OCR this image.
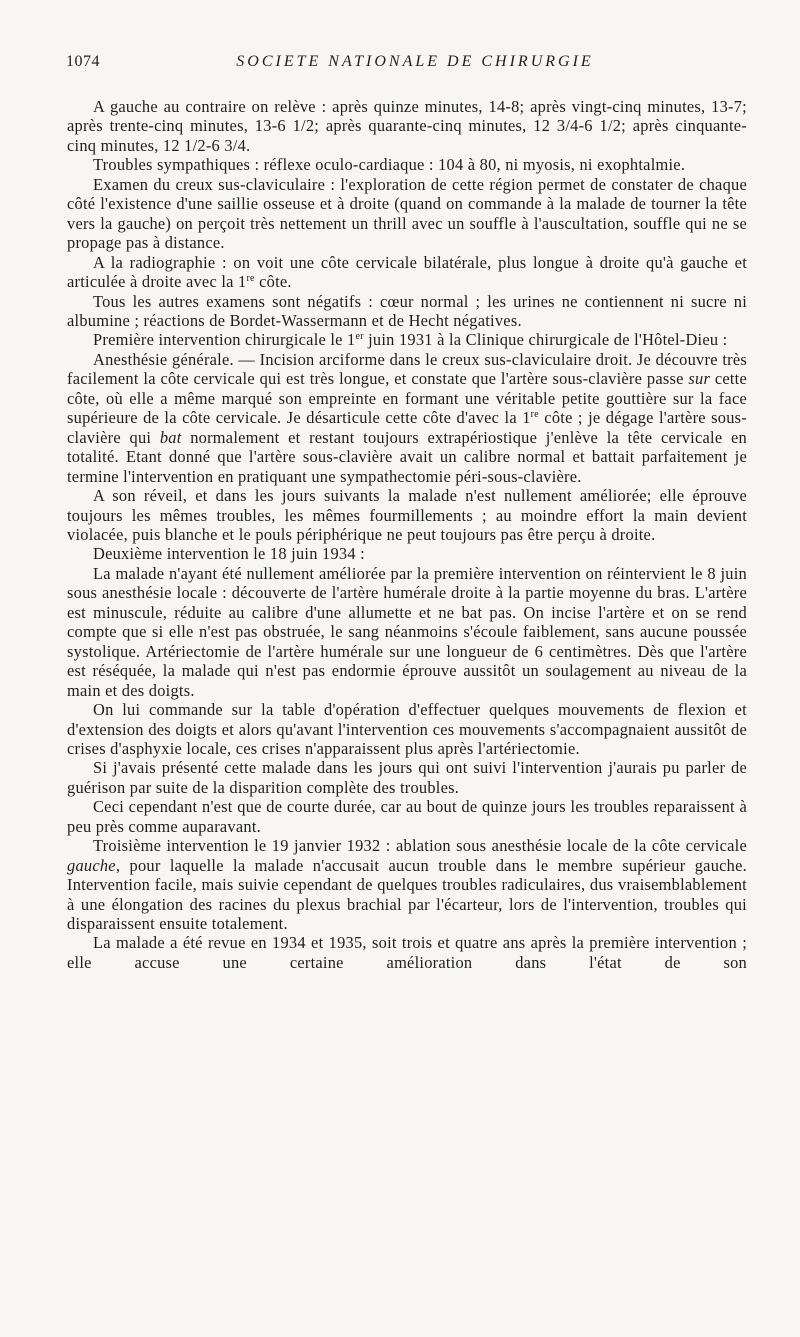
1074	SOCIETE NATIONALE DE CHIRURGIE

A gauche au contraire on relève : après quinze minutes, 14-8; après vingt-cinq minutes, 13-7; après trente-cinq minutes, 13-6 1/2; après quarante-cinq minutes, 12 3/4-6 1/2; après cinquante-cinq minutes, 12 1/2-6 3/4.

Troubles sympathiques : réflexe oculo-cardiaque : 104 à 80, ni myosis, ni exophtalmie.

Examen du creux sus-claviculaire : l'exploration de cette région permet de constater de chaque côté l'existence d'une saillie osseuse et à droite (quand on commande à la malade de tourner la tête vers la gauche) on perçoit très nettement un thrill avec un souffle à l'auscultation, souffle qui ne se propage pas à distance.

A la radiographie : on voit une côte cervicale bilatérale, plus longue à droite qu'à gauche et articulée à droite avec la 1re côte.

Tous les autres examens sont négatifs : cœur normal ; les urines ne contiennent ni sucre ni albumine ; réactions de Bordet-Wassermann et de Hecht négatives.

Première intervention chirurgicale le 1er juin 1931 à la Clinique chirurgicale de l'Hôtel-Dieu :

Anesthésie générale. — Incision arciforme dans le creux sus-claviculaire droit. Je découvre très facilement la côte cervicale qui est très longue, et constate que l'artère sous-clavière passe sur cette côte, où elle a même marqué son empreinte en formant une véritable petite gouttière sur la face supérieure de la côte cervicale. Je désarticule cette côte d'avec la 1re côte ; je dégage l'artère sous-clavière qui bat normalement et restant toujours extrapériostique j'enlève la tête cervicale en totalité. Etant donné que l'artère sous-clavière avait un calibre normal et battait parfaitement je termine l'intervention en pratiquant une sympathectomie péri-sous-clavière.

A son réveil, et dans les jours suivants la malade n'est nullement améliorée; elle éprouve toujours les mêmes troubles, les mêmes fourmillements ; au moindre effort la main devient violacée, puis blanche et le pouls périphérique ne peut toujours pas être perçu à droite.

Deuxième intervention le 18 juin 1934 :

La malade n'ayant été nullement améliorée par la première intervention on réintervient le 8 juin sous anesthésie locale : découverte de l'artère humérale droite à la partie moyenne du bras. L'artère est minuscule, réduite au calibre d'une allumette et ne bat pas. On incise l'artère et on se rend compte que si elle n'est pas obstruée, le sang néanmoins s'écoule faiblement, sans aucune poussée systolique. Artériectomie de l'artère humérale sur une longueur de 6 centimètres. Dès que l'artère est réséquée, la malade qui n'est pas endormie éprouve aussitôt un soulagement au niveau de la main et des doigts.

On lui commande sur la table d'opération d'effectuer quelques mouvements de flexion et d'extension des doigts et alors qu'avant l'intervention ces mouvements s'accompagnaient aussitôt de crises d'asphyxie locale, ces crises n'apparaissent plus après l'artériectomie.

Si j'avais présenté cette malade dans les jours qui ont suivi l'intervention j'aurais pu parler de guérison par suite de la disparition complète des troubles.

Ceci cependant n'est que de courte durée, car au bout de quinze jours les troubles reparaissent à peu près comme auparavant.

Troisième intervention le 19 janvier 1932 : ablation sous anesthésie locale de la côte cervicale gauche, pour laquelle la malade n'accusait aucun trouble dans le membre supérieur gauche. Intervention facile, mais suivie cependant de quelques troubles radiculaires, dus vraisemblablement à une élongation des racines du plexus brachial par l'écarteur, lors de l'intervention, troubles qui disparaissent ensuite totalement.

La malade a été revue en 1934 et 1935, soit trois et quatre ans après la première intervention ; elle accuse une certaine amélioration dans l'état de son
